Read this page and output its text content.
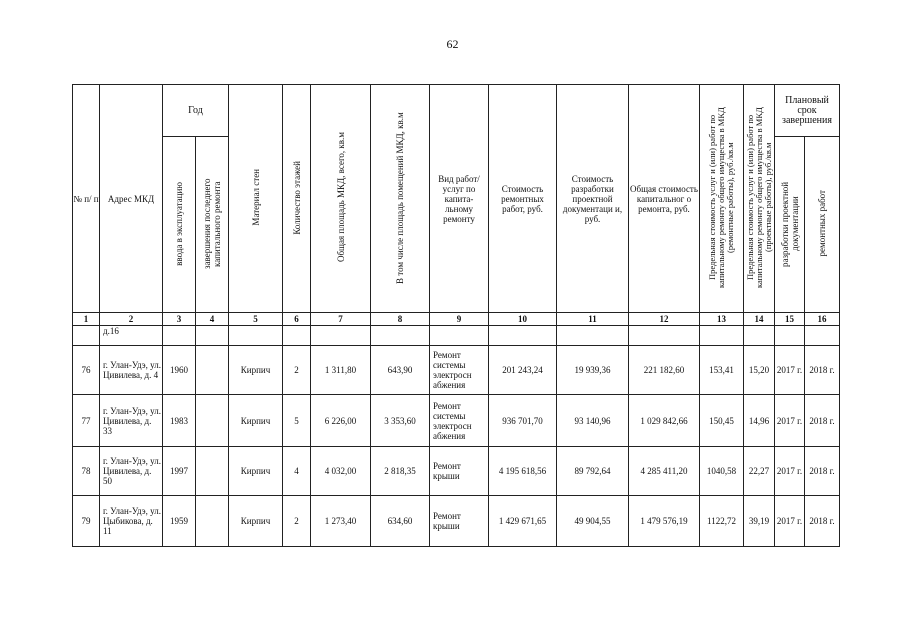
62
№ п/ п	Адрес МКД	Год		Материал стен	Количество этажей	Общая площадь МКД, всего, кв.м	В том числе площадь помещений МКД, кв.м	Вид работ/ услуг по капита- льному ремонту	Стоимость ремонтных работ, руб.	Стоимость разработки проектной документаци и, руб.	Общая стоимость капитальног о ремонта, руб.	Предельная стоимость услуг и (или) работ по капитальному ремонту общего имущества в МКД (ремонтные работы), руб./кв.м	Предельная стоимость услуг и (или) работ по капитальному ремонту общего имущества в МКД (проектные работы), руб./кв.м	Плановый срок завершения	
		ввода в эксплуатацию	завершения последнего капитального ремонта											разработки проектной документации	ремонтных работ
1	2	3	4	5	6	7	8	9	10	11	12	13	14	15	16
	д.16														
76	г. Улан-Удэ, ул. Цивилева, д. 4	1960		Кирпич	2	1 311,80	643,90	Ремонт системы электросн абжения	201 243,24	19 939,36	221 182,60	153,41	15,20	2017 г.	2018 г.
77	г. Улан-Удэ, ул. Цивилева, д. 33	1983		Кирпич	5	6 226,00	3 353,60	Ремонт системы электросн абжения	936 701,70	93 140,96	1 029 842,66	150,45	14,96	2017 г.	2018 г.
78	г. Улан-Удэ, ул. Цивилева, д. 50	1997		Кирпич	4	4 032,00	2 818,35	Ремонт крыши	4 195 618,56	89 792,64	4 285 411,20	1040,58	22,27	2017 г.	2018 г.
79	г. Улан-Удэ, ул. Цыбикова, д. 11	1959		Кирпич	2	1 273,40	634,60	Ремонт крыши	1 429 671,65	49 904,55	1 479 576,19	1122,72	39,19	2017 г.	2018 г.
